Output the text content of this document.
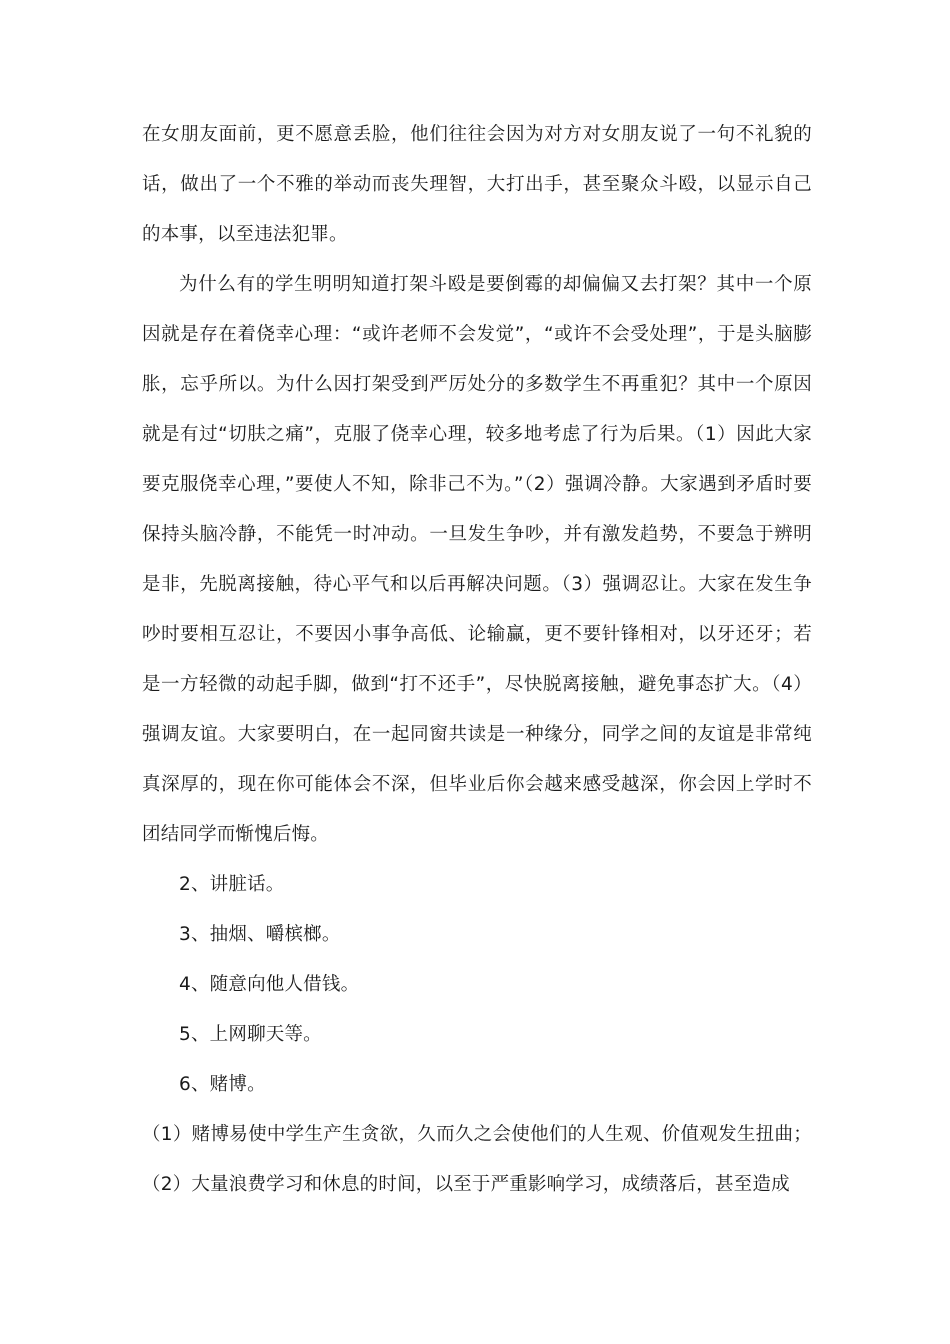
在女朋友面前，更不愿意丢脸，他们往往会因为对方对女朋友说了一句不礼貌的话，做出了一个不雅的举动而丧失理智，大打出手，甚至聚众斗殴，以显示自己的本事，以至违法犯罪。

为什么有的学生明明知道打架斗殴是要倒霉的却偏偏又去打架？其中一个原因就是存在着侥幸心理：“或许老师不会发觉”，“或许不会受处理”，于是头脑膨胀，忘乎所以。为什么因打架受到严厉处分的多数学生不再重犯？其中一个原因就是有过“切肤之痛”，克服了侥幸心理，较多地考虑了行为后果。（1）因此大家要克服侥幸心理，”要使人不知，除非己不为。”（2）强调冷静。大家遇到矛盾时要保持头脑冷静，不能凭一时冲动。一旦发生争吵，并有激发趋势，不要急于辨明是非，先脱离接触，待心平气和以后再解决问题。（3）强调忍让。大家在发生争吵时要相互忍让，不要因小事争高低、论输赢，更不要针锋相对，以牙还牙；若是一方轻微的动起手脚，做到“打不还手”，尽快脱离接触，避免事态扩大。（4）强调友谊。大家要明白，在一起同窗共读是一种缘分，同学之间的友谊是非常纯真深厚的，现在你可能体会不深，但毕业后你会越来感受越深，你会因上学时不团结同学而惭愧后悔。

2、讲脏话。

3、抽烟、嚼槟榔。

4、随意向他人借钱。

5、上网聊天等。

6、赌博。

（1）赌博易使中学生产生贪欲，久而久之会使他们的人生观、价值观发生扭曲；（2）大量浪费学习和休息的时间，以至于严重影响学习，成绩落后，甚至造成
